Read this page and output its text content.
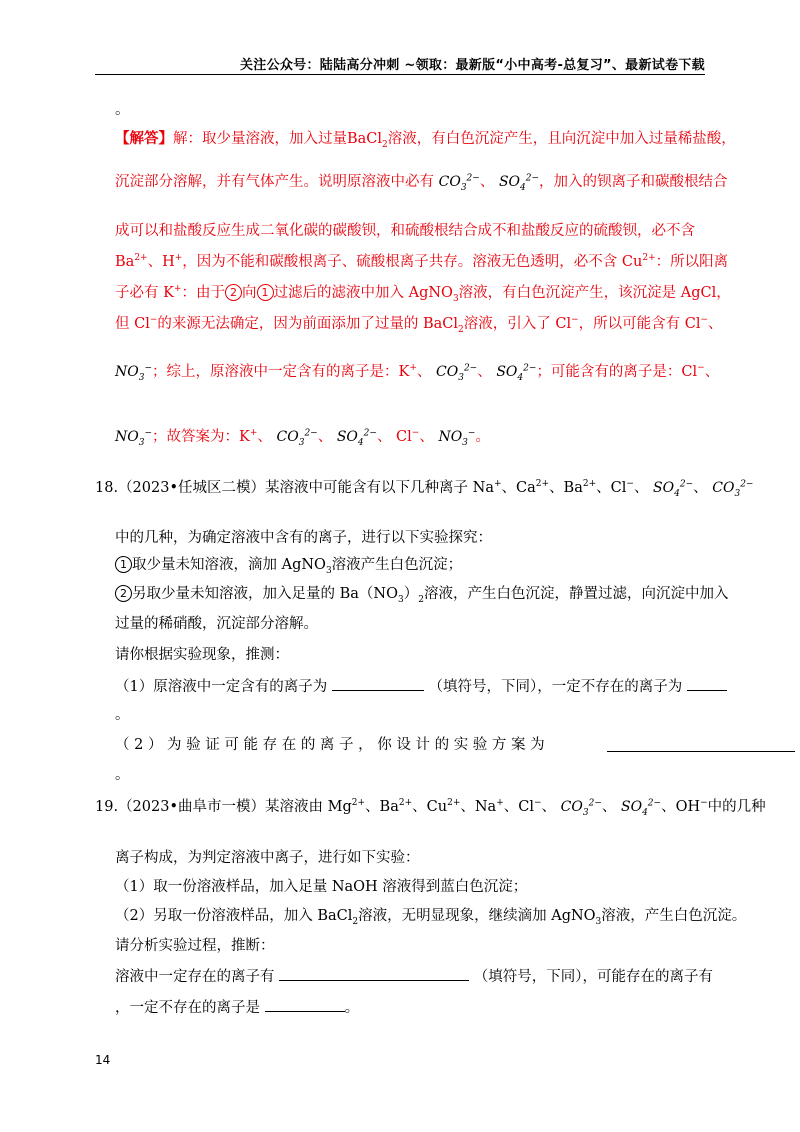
关注公众号：陆陆高分冲刺 ~领取：最新版“小中高考-总复习”、最新试卷下载
。
【解答】解：取少量溶液，加入过量BaCl$_2$溶液，有白色沉淀产生，且向沉淀中加入过量稀盐酸，
沉淀部分溶解，并有气体产生。说明原溶液中必有 $CO_3^{2-}$、 $SO_4^{2-}$，加入的钡离子和碳酸根结合
成可以和盐酸反应生成二氧化碳的碳酸钡，和硫酸根结合成不和盐酸反应的硫酸钡，必不含
$Ba^{2+}$、H+，因为不能和碳酸根离子、硫酸根离子共存。溶液无色透明，必不含 $Cu^{2+}$：所以阳离
子必有 K+：由于 2 向 1 过滤后的滤液中加入 AgNO$_3$溶液，有白色沉淀产生，该沉淀是 AgCl，
但 Cl−的来源无法确定，因为前面添加了过量的 BaCl$_2$溶液，引入了 Cl−，所以可能含有 Cl−、
$NO_3^-$；综上，原溶液中一定含有的离子是：K+、 $CO_3^{2-}$、 $SO_4^{2-}$；可能含有的离子是：Cl−、
$NO_3^-$；故答案为：K+、 $CO_3^{2-}$、 $SO_4^{2-}$、 Cl−、 $NO_3^-$。
18.（2023•任城区二模）某溶液中可能含有以下几种离子 Na+、$Ca^{2+}$、$Ba^{2+}$、Cl−、 $SO_4^{2-}$、 $CO_3^{2-}$
中的几种，为确定溶液中含有的离子，进行以下实验探究：
1 取少量未知溶液，滴加 AgNO$_3$溶液产生白色沉淀；
2 另取少量未知溶液，加入足量的 $Ba(NO_3)_2$溶液，产生白色沉淀，静置过滤，向沉淀中加入
过量的稀硝酸，沉淀部分溶解。
请你根据实验现象，推测：
（1）原溶液中一定含有的离子为	（填符号，下同），一定不存在的离子为
。
（ 2 ） 为 验 证 可 能 存 在 的 离 子 ， 你 设 计 的 实 验 方 案 为
。
19.（2023•曲阜市一模）某溶液由 $Mg^{2+}$、$Ba^{2+}$、$Cu^{2+}$、Na+、Cl−、 $CO_3^{2-}$、 $SO_4^{2-}$、OH−中的几种
离子构成，为判定溶液中离子，进行如下实验：
（1）取一份溶液样品，加入足量 NaOH 溶液得到蓝白色沉淀；
（2）另取一份溶液样品，加入 BaCl$_2$溶液，无明显现象，继续滴加 AgNO$_3$溶液，产生白色沉淀。
请分析实验过程，推断：
溶液中一定存在的离子有	（填符号，下同），可能存在的离子有
，一定不存在的离子是	。
14
